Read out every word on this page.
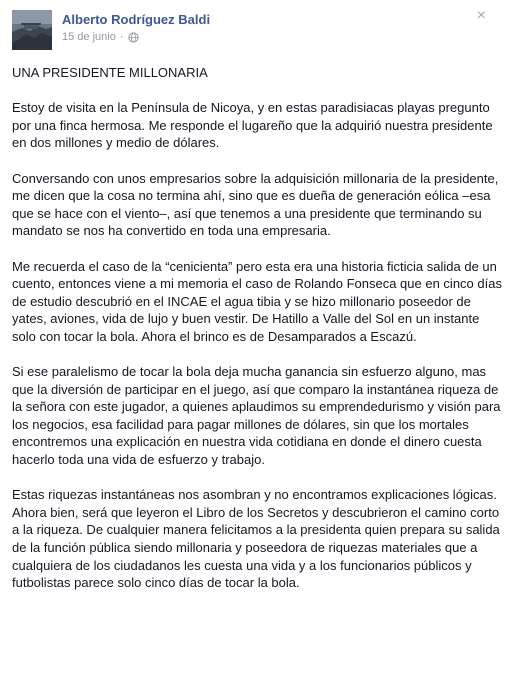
Alberto Rodríguez Baldi
15 de junio ·
×

UNA PRESIDENTE MILLONARIA

Estoy de visita en la Península de Nicoya, y en estas paradisiacas playas pregunto por una finca hermosa. Me responde el lugareño que la adquirió nuestra presidente en dos millones y medio de dólares.

Conversando con unos empresarios sobre la adquisición millonaria de la presidente, me dicen que la cosa no termina ahí, sino que es dueña de generación eólica –esa que se hace con el viento–, así que tenemos a una presidente que terminando su mandato se nos ha convertido en toda una empresaria.

Me recuerda el caso de la “cenicienta” pero esta era una historia ficticia salida de un cuento, entonces viene a mi memoria el caso de Rolando Fonseca que en cinco días de estudio descubrió en el INCAE el agua tibia y se hizo millonario poseedor de yates, aviones, vida de lujo y buen vestir. De Hatillo a Valle del Sol en un instante solo con tocar la bola. Ahora el brinco es de Desamparados a Escazú.

Si ese paralelismo de tocar la bola deja mucha ganancia sin esfuerzo alguno, mas que la diversión de participar en el juego, así que comparo la instantánea riqueza de la señora con este jugador, a quienes aplaudimos su emprendedurismo y visión para los negocios, esa facilidad para pagar millones de dólares, sin que los mortales encontremos una explicación en nuestra vida cotidiana en donde el dinero cuesta hacerlo toda una vida de esfuerzo y trabajo.

Estas riquezas instantáneas nos asombran y no encontramos explicaciones lógicas. Ahora bien, será que leyeron el Libro de los Secretos y descubrieron el camino corto a la riqueza. De cualquier manera felicitamos a la presidenta quien prepara su salida de la función pública siendo millonaria y poseedora de riquezas materiales que a cualquiera de los ciudadanos les cuesta una vida y a los funcionarios públicos y futbolistas parece solo cinco días de tocar la bola.
